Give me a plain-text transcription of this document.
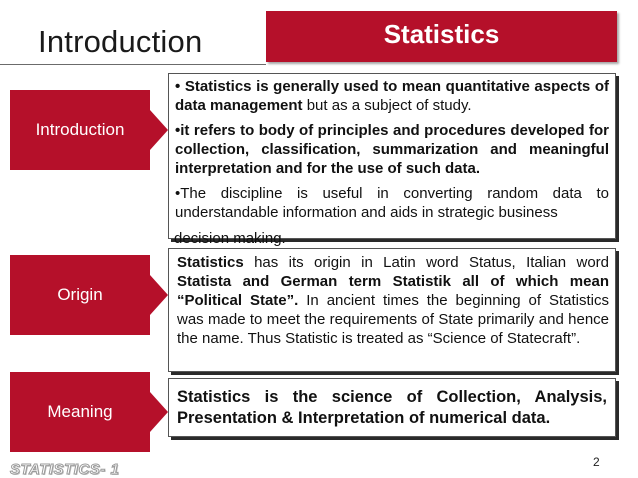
Introduction	Statistics
Introduction

• Statistics is generally used to mean quantitative aspects of data management but as a subject of study.

•it refers to body of principles and procedures developed for collection, classification, summarization and meaningful interpretation and for the use of such data.

•The discipline is useful in converting random data to understandable information and aids in strategic business

decision making.
Origin

Statistics has its origin in Latin word Status, Italian word Statista and German term Statistik all of which mean “Political State”. In ancient times the beginning of Statistics was made to meet the requirements of State primarily and hence the name. Thus Statistic is treated as “Science of Statecraft”.

Meaning

Statistics is the science of Collection, Analysis, Presentation & Interpretation of numerical data.

2
STATISTICS- 1
